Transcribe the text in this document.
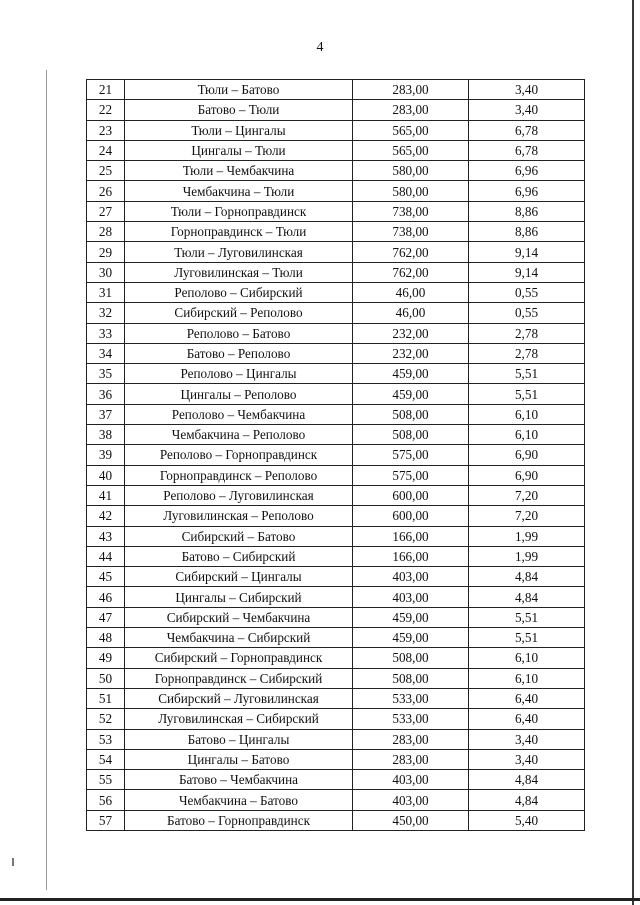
4
21	Тюли – Батово	283,00	3,40
22	Батово – Тюли	283,00	3,40
23	Тюли – Цингалы	565,00	6,78
24	Цингалы – Тюли	565,00	6,78
25	Тюли – Чембакчина	580,00	6,96
26	Чембакчина – Тюли	580,00	6,96
27	Тюли – Горноправдинск	738,00	8,86
28	Горноправдинск – Тюли	738,00	8,86
29	Тюли – Луговилинская	762,00	9,14
30	Луговилинская – Тюли	762,00	9,14
31	Реполово – Сибирский	46,00	0,55
32	Сибирский – Реполово	46,00	0,55
33	Реполово – Батово	232,00	2,78
34	Батово – Реполово	232,00	2,78
35	Реполово – Цингалы	459,00	5,51
36	Цингалы – Реполово	459,00	5,51
37	Реполово – Чембакчина	508,00	6,10
38	Чембакчина – Реполово	508,00	6,10
39	Реполово – Горноправдинск	575,00	6,90
40	Горноправдинск – Реполово	575,00	6,90
41	Реполово – Луговилинская	600,00	7,20
42	Луговилинская – Реполово	600,00	7,20
43	Сибирский – Батово	166,00	1,99
44	Батово – Сибирский	166,00	1,99
45	Сибирский – Цингалы	403,00	4,84
46	Цингалы – Сибирский	403,00	4,84
47	Сибирский – Чембакчина	459,00	5,51
48	Чембакчина – Сибирский	459,00	5,51
49	Сибирский – Горноправдинск	508,00	6,10
50	Горноправдинск – Сибирский	508,00	6,10
51	Сибирский – Луговилинская	533,00	6,40
52	Луговилинская – Сибирский	533,00	6,40
53	Батово – Цингалы	283,00	3,40
54	Цингалы – Батово	283,00	3,40
55	Батово – Чембакчина	403,00	4,84
56	Чембакчина – Батово	403,00	4,84
57	Батово – Горноправдинск	450,00	5,40
